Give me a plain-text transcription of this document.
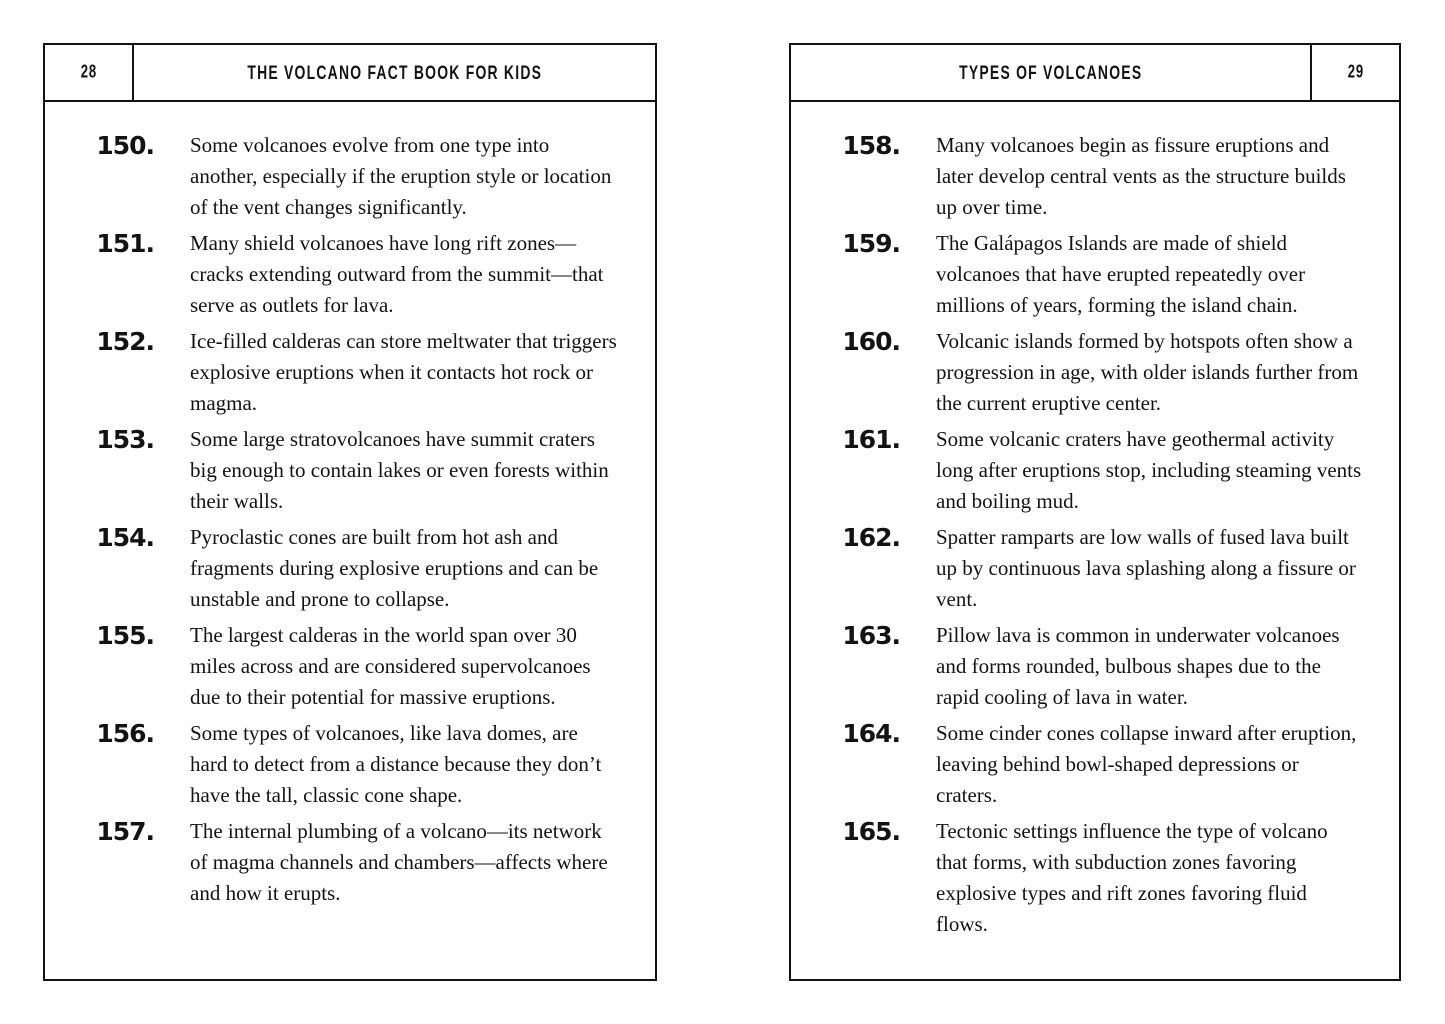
28	THE VOLCANO FACT BOOK FOR KIDS
150. Some volcanoes evolve from one type into another, especially if the eruption style or location of the vent changes significantly.
151. Many shield volcanoes have long rift zones—cracks extending outward from the summit—that serve as outlets for lava.
152. Ice-filled calderas can store meltwater that triggers explosive eruptions when it contacts hot rock or magma.
153. Some large stratovolcanoes have summit craters big enough to contain lakes or even forests within their walls.
154. Pyroclastic cones are built from hot ash and fragments during explosive eruptions and can be unstable and prone to collapse.
155. The largest calderas in the world span over 30 miles across and are considered supervolcanoes due to their potential for massive eruptions.
156. Some types of volcanoes, like lava domes, are hard to detect from a distance because they don’t have the tall, classic cone shape.
157. The internal plumbing of a volcano—its network of magma channels and chambers—affects where and how it erupts.
TYPES OF VOLCANOES	29
158. Many volcanoes begin as fissure eruptions and later develop central vents as the structure builds up over time.
159. The Galápagos Islands are made of shield volcanoes that have erupted repeatedly over millions of years, forming the island chain.
160. Volcanic islands formed by hotspots often show a progression in age, with older islands further from the current eruptive center.
161. Some volcanic craters have geothermal activity long after eruptions stop, including steaming vents and boiling mud.
162. Spatter ramparts are low walls of fused lava built up by continuous lava splashing along a fissure or vent.
163. Pillow lava is common in underwater volcanoes and forms rounded, bulbous shapes due to the rapid cooling of lava in water.
164. Some cinder cones collapse inward after eruption, leaving behind bowl-shaped depressions or craters.
165. Tectonic settings influence the type of volcano that forms, with subduction zones favoring explosive types and rift zones favoring fluid flows.
